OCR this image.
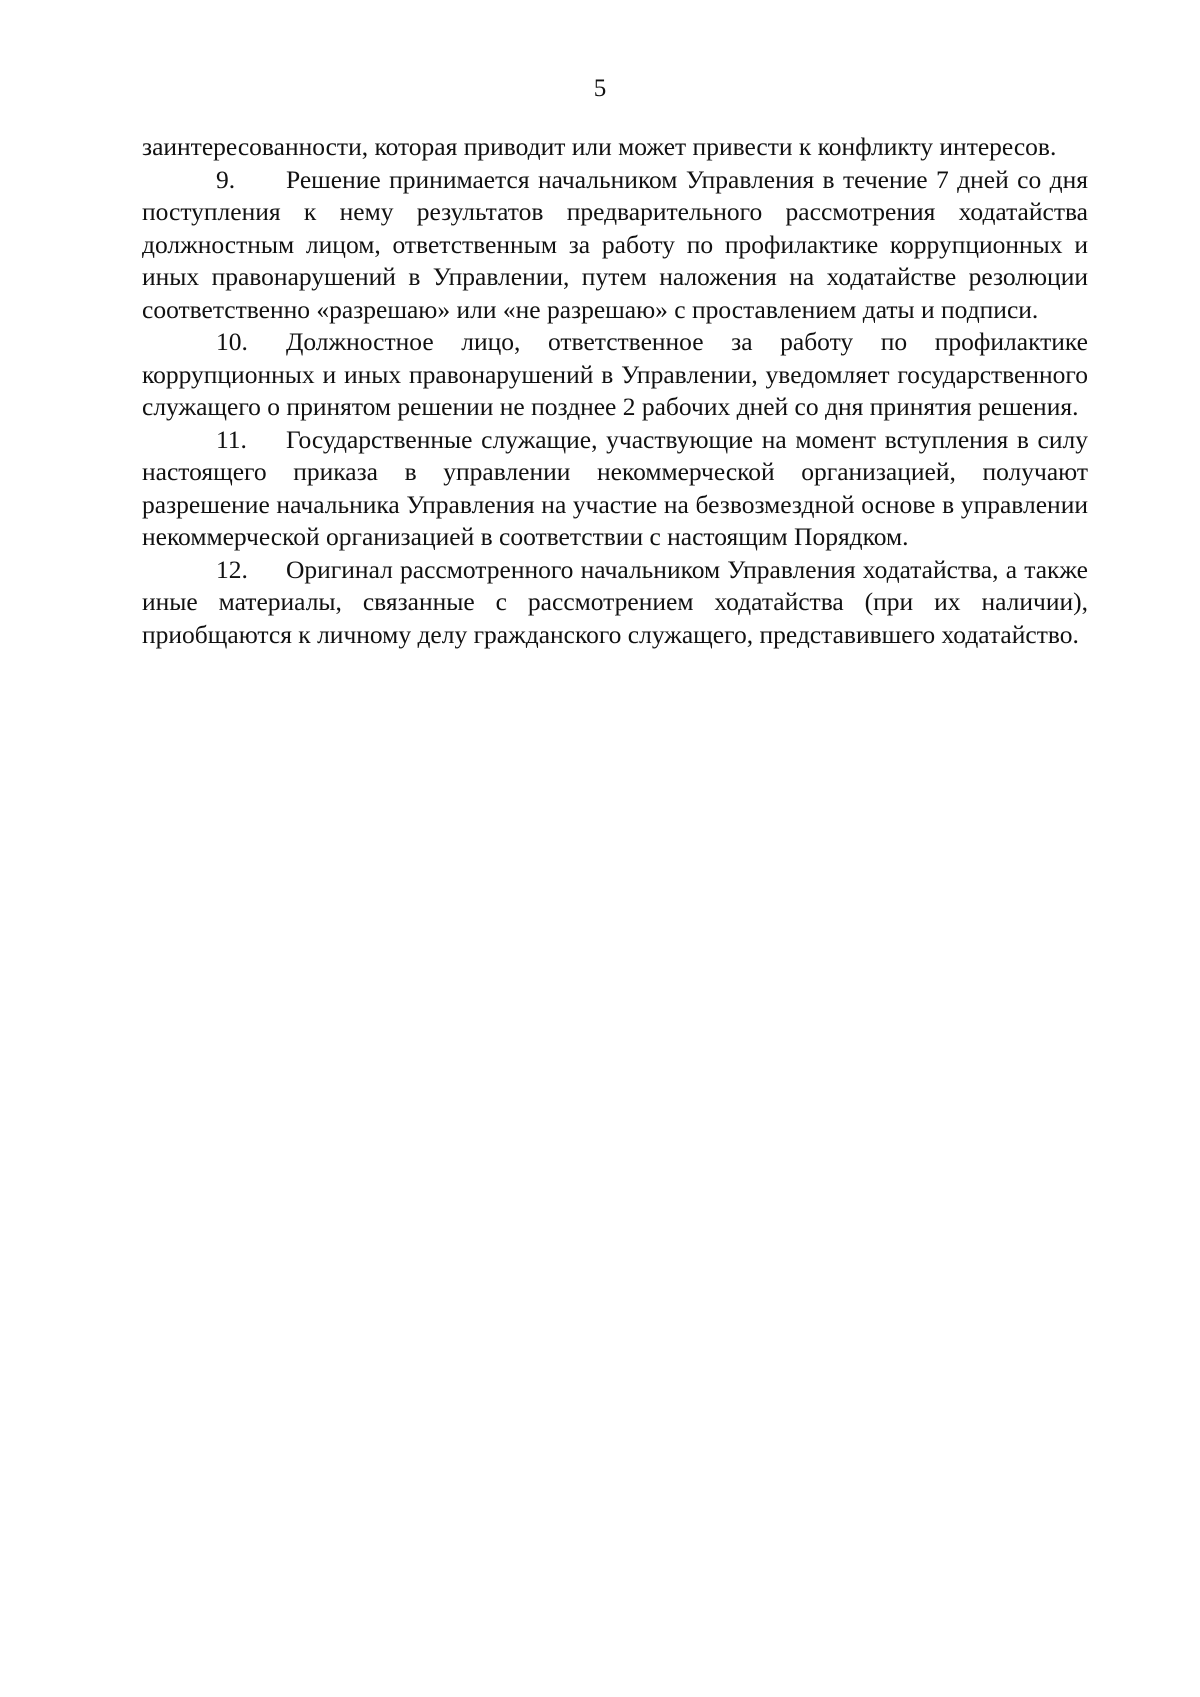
5

заинтересованности, которая приводит или может привести к конфликту интересов.

9. Решение принимается начальником Управления в течение 7 дней со дня поступления к нему результатов предварительного рассмотрения ходатайства должностным лицом, ответственным за работу по профилактике коррупционных и иных правонарушений в Управлении, путем наложения на ходатайстве резолюции соответственно «разрешаю» или «не разрешаю» с проставлением даты и подписи.

10. Должностное лицо, ответственное за работу по профилактике коррупционных и иных правонарушений в Управлении, уведомляет государственного служащего о принятом решении не позднее 2 рабочих дней со дня принятия решения.

11. Государственные служащие, участвующие на момент вступления в силу настоящего приказа в управлении некоммерческой организацией, получают разрешение начальника Управления на участие на безвозмездной основе в управлении некоммерческой организацией в соответствии с настоящим Порядком.

12. Оригинал рассмотренного начальником Управления ходатайства, а также иные материалы, связанные с рассмотрением ходатайства (при их наличии), приобщаются к личному делу гражданского служащего, представившего ходатайство.
